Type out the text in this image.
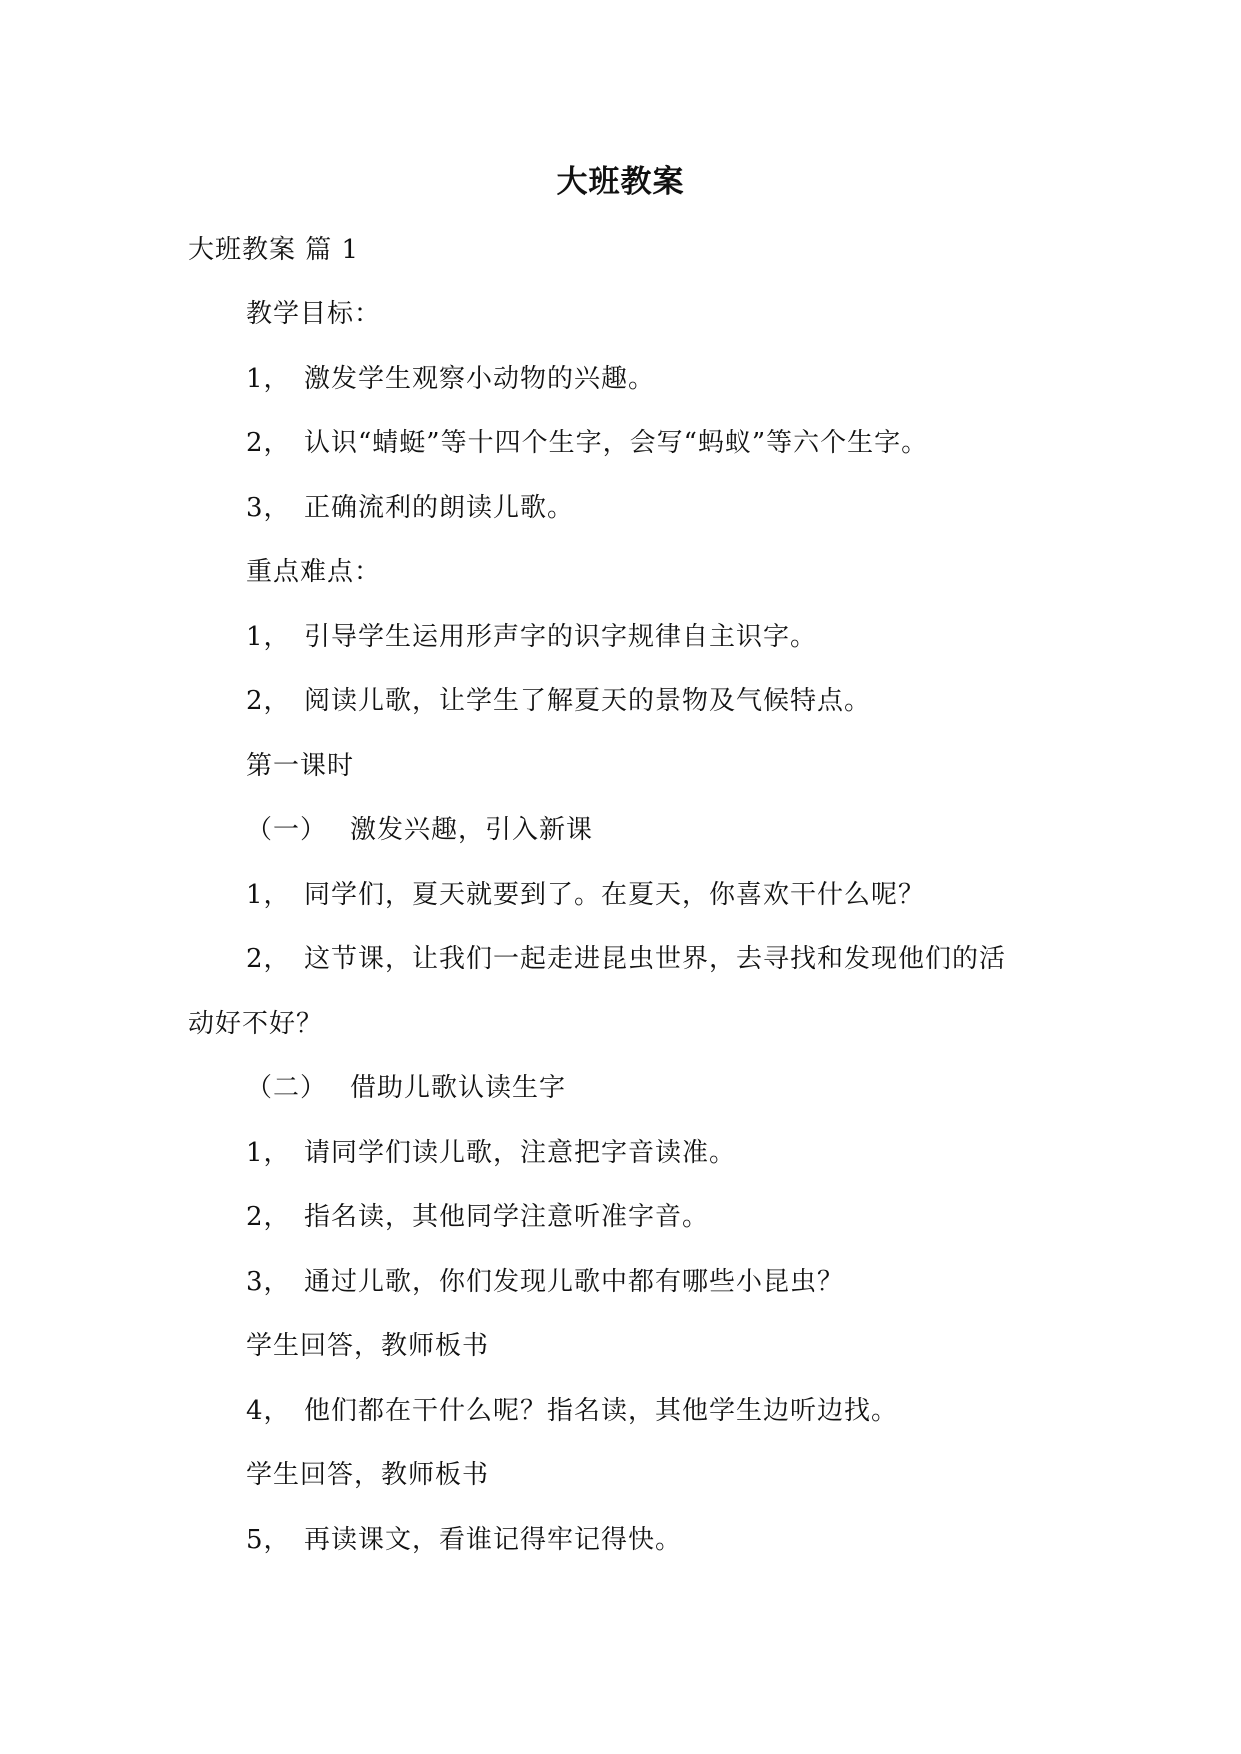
大班教案
大班教案 篇 1
教学目标：
1， 激发学生观察小动物的兴趣。
2， 认识“蜻蜓”等十四个生字，会写“蚂蚁”等六个生字。
3， 正确流利的朗读儿歌。
重点难点：
1， 引导学生运用形声字的识字规律自主识字。
2， 阅读儿歌，让学生了解夏天的景物及气候特点。
第一课时
（一） 激发兴趣，引入新课
1， 同学们，夏天就要到了。在夏天，你喜欢干什么呢？
2， 这节课，让我们一起走进昆虫世界，去寻找和发现他们的活
动好不好？
（二） 借助儿歌认读生字
1， 请同学们读儿歌，注意把字音读准。
2， 指名读，其他同学注意听准字音。
3， 通过儿歌，你们发现儿歌中都有哪些小昆虫？
学生回答，教师板书
4， 他们都在干什么呢？指名读，其他学生边听边找。
学生回答，教师板书
5， 再读课文，看谁记得牢记得快。
